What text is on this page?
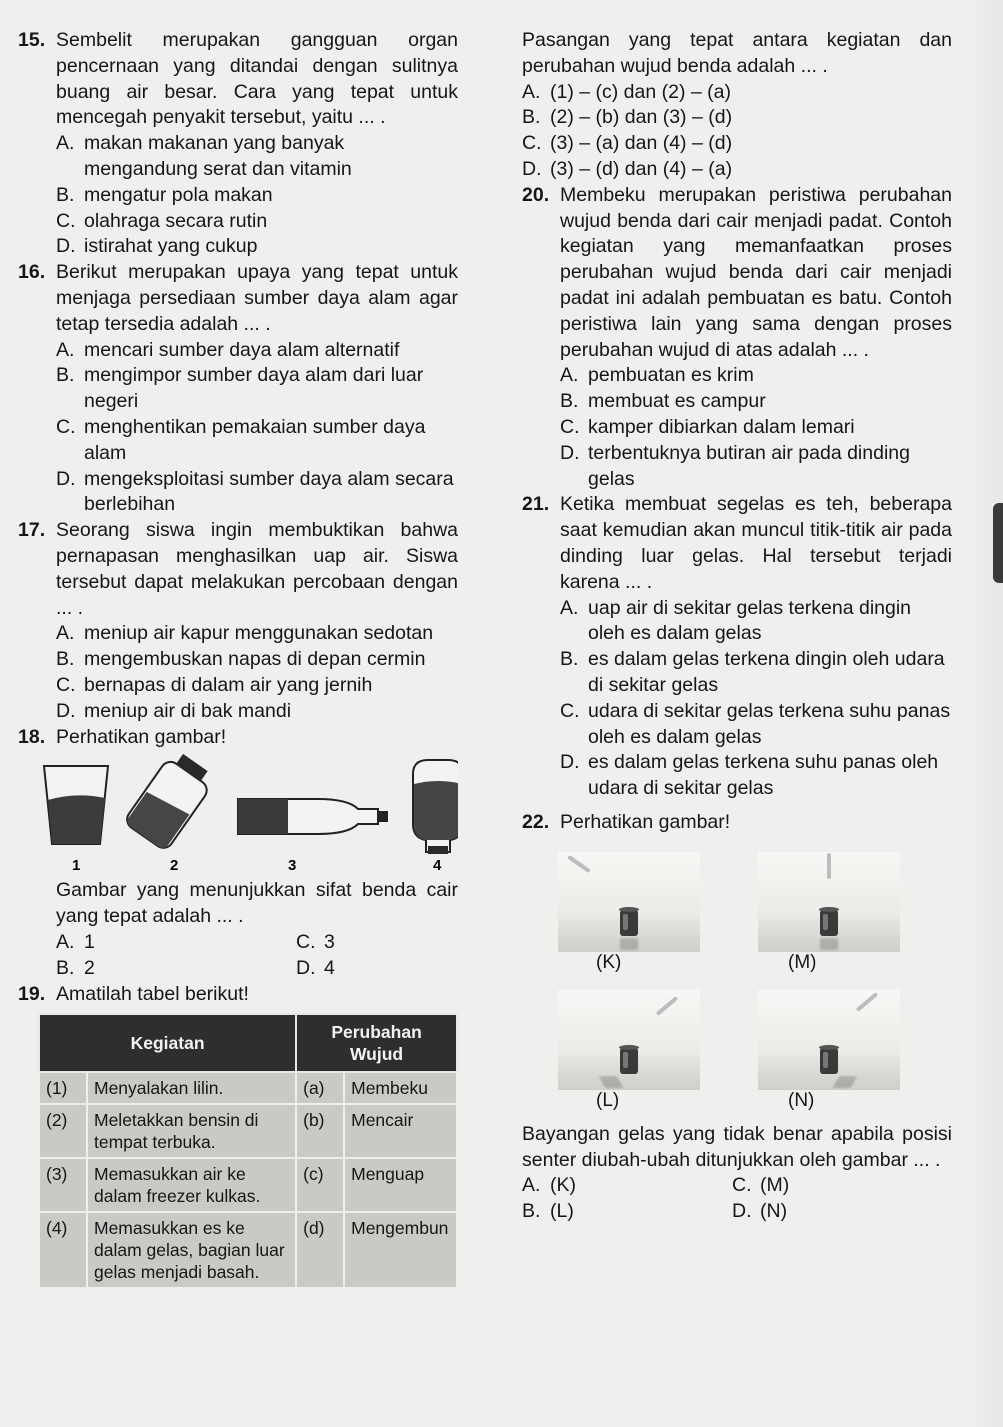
15. Sembelit merupakan gangguan organ pencernaan yang ditandai dengan sulitnya buang air besar. Cara yang tepat untuk mencegah penyakit tersebut, yaitu ... .
A. makan makanan yang banyak mengandung serat dan vitamin
B. mengatur pola makan
C. olahraga secara rutin
D. istirahat yang cukup
16. Berikut merupakan upaya yang tepat untuk menjaga persediaan sumber daya alam agar tetap tersedia adalah ... .
A. mencari sumber daya alam alternatif
B. mengimpor sumber daya alam dari luar negeri
C. menghentikan pemakaian sumber daya alam
D. mengeksploitasi sumber daya alam secara berlebihan
17. Seorang siswa ingin membuktikan bahwa pernapasan menghasilkan uap air. Siswa tersebut dapat melakukan percobaan dengan ... .
A. meniup air kapur menggunakan sedotan
B. mengembuskan napas di depan cermin
C. bernapas di dalam air yang jernih
D. meniup air di bak mandi
18. Perhatikan gambar!
1	2	3	4
Gambar yang menunjukkan sifat benda cair yang tepat adalah ... .
A. 1	C. 3
B. 2	D. 4
19. Amatilah tabel berikut!
Kegiatan		Perubahan Wujud	
(1)	Menyalakan lilin.	(a)	Membeku
(2)	Meletakkan bensin di tempat terbuka.	(b)	Mencair
(3)	Memasukkan air ke dalam freezer kulkas.	(c)	Menguap
(4)	Memasukkan es ke dalam gelas, bagian luar gelas menjadi basah.	(d)	Mengembun
Pasangan yang tepat antara kegiatan dan perubahan wujud benda adalah ... .
A. (1) – (c) dan (2) – (a)
B. (2) – (b) dan (3) – (d)
C. (3) – (a) dan (4) – (d)
D. (3) – (d) dan (4) – (a)
20. Membeku merupakan peristiwa perubahan wujud benda dari cair menjadi padat. Contoh kegiatan yang memanfaatkan proses perubahan wujud benda dari cair menjadi padat ini adalah pembuatan es batu. Contoh peristiwa lain yang sama dengan proses perubahan wujud di atas adalah ... .
A. pembuatan es krim
B. membuat es campur
C. kamper dibiarkan dalam lemari
D. terbentuknya butiran air pada dinding gelas
21. Ketika membuat segelas es teh, beberapa saat kemudian akan muncul titik-titik air pada dinding luar gelas. Hal tersebut terjadi karena ... .
A. uap air di sekitar gelas terkena dingin oleh es dalam gelas
B. es dalam gelas terkena dingin oleh udara di sekitar gelas
C. udara di sekitar gelas terkena suhu panas oleh es dalam gelas
D. es dalam gelas terkena suhu panas oleh udara di sekitar gelas
22. Perhatikan gambar!
(K)	(M)
(L)	(N)
Bayangan gelas yang tidak benar apabila posisi senter diubah-ubah ditunjukkan oleh gambar ... .
A. (K)	C. (M)
B. (L)	D. (N)
